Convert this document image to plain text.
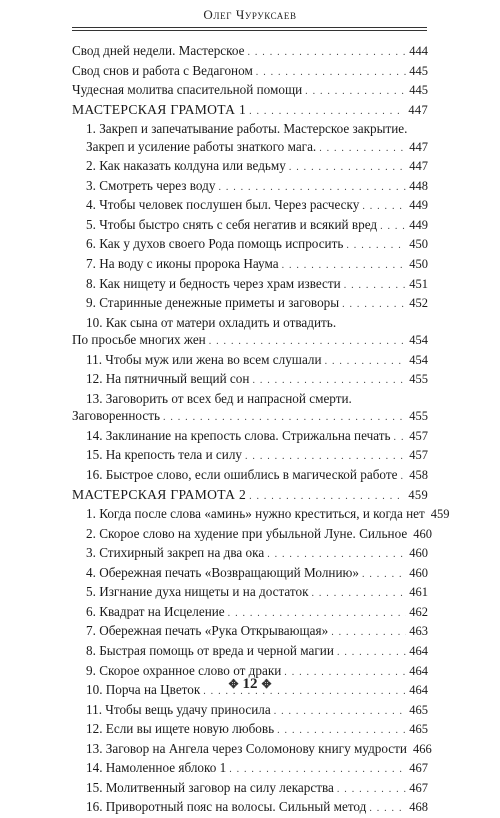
Олег Чуруксаев
Свод дней недели. Мастерское . . .	444
Свод снов и работа с Ведагоном . . .	445
Чудесная молитва спасительной помощи . . .	445
МАСТЕРСКАЯ ГРАМОТА 1 . . .	447
1. Закреп и запечатывание работы. Мастерское закрытие.
Закреп и усиление работы знаткого мага. . . .	447
2. Как наказать колдуна или ведьму . . .	447
3. Смотреть через воду . . .	448
4. Чтобы человек послушен был. Через расческу . . .	449
5. Чтобы быстро снять с себя негатив и всякий вред . . .	449
6. Как у духов своего Рода помощь испросить . . .	450
7. На воду с иконы пророка Наума . . .	450
8. Как нищету и бедность через храм извести . . .	451
9. Старинные денежные приметы и заговоры . . .	452
10. Как сына от матери охладить и отвадить.
По просьбе многих жен . . .	454
11. Чтобы муж или жена во всем слушали . . .	454
12. На пятничный вещий сон . . .	455
13. Заговорить от всех бед и напрасной смерти.
Заговоренность . . .	455
14. Заклинание на крепость слова. Стрижальна печать . . . 457
15. На крепость тела и силу . . .	457
16. Быстрое слово, если ошиблись в магической работе . . . 458
МАСТЕРСКАЯ ГРАМОТА 2 . . .	459
1. Когда после слова «аминь» нужно креститься, и когда нет 459
2. Скорое слово на худение при убыльной Луне. Сильное 460
3. Стихирный закреп на два ока . . .	460
4. Обережная печать «Возвращающий Молнию» . . .	460
5. Изгнание духа нищеты и на достаток . . .	461
6. Квадрат на Исцеление . . .	462
7. Обережная печать «Рука Открывающая» . . .	463
8. Быстрая помощь от вреда и черной магии . . .	464
9. Скорое охранное слово от драки . . .	464
10. Порча на Цветок . . .	464
11. Чтобы вещь удачу приносила . . .	465
12. Если вы ищете новую любовь . . .	465
13. Заговор на Ангела через Соломонову книгу мудрости 466
14. Намоленное яблоко 1 . . .	467
15. Молитвенный заговор на силу лекарства . . .	467
16. Приворотный пояс на волосы. Сильный метод . . .	468
✥ 12 ✥
